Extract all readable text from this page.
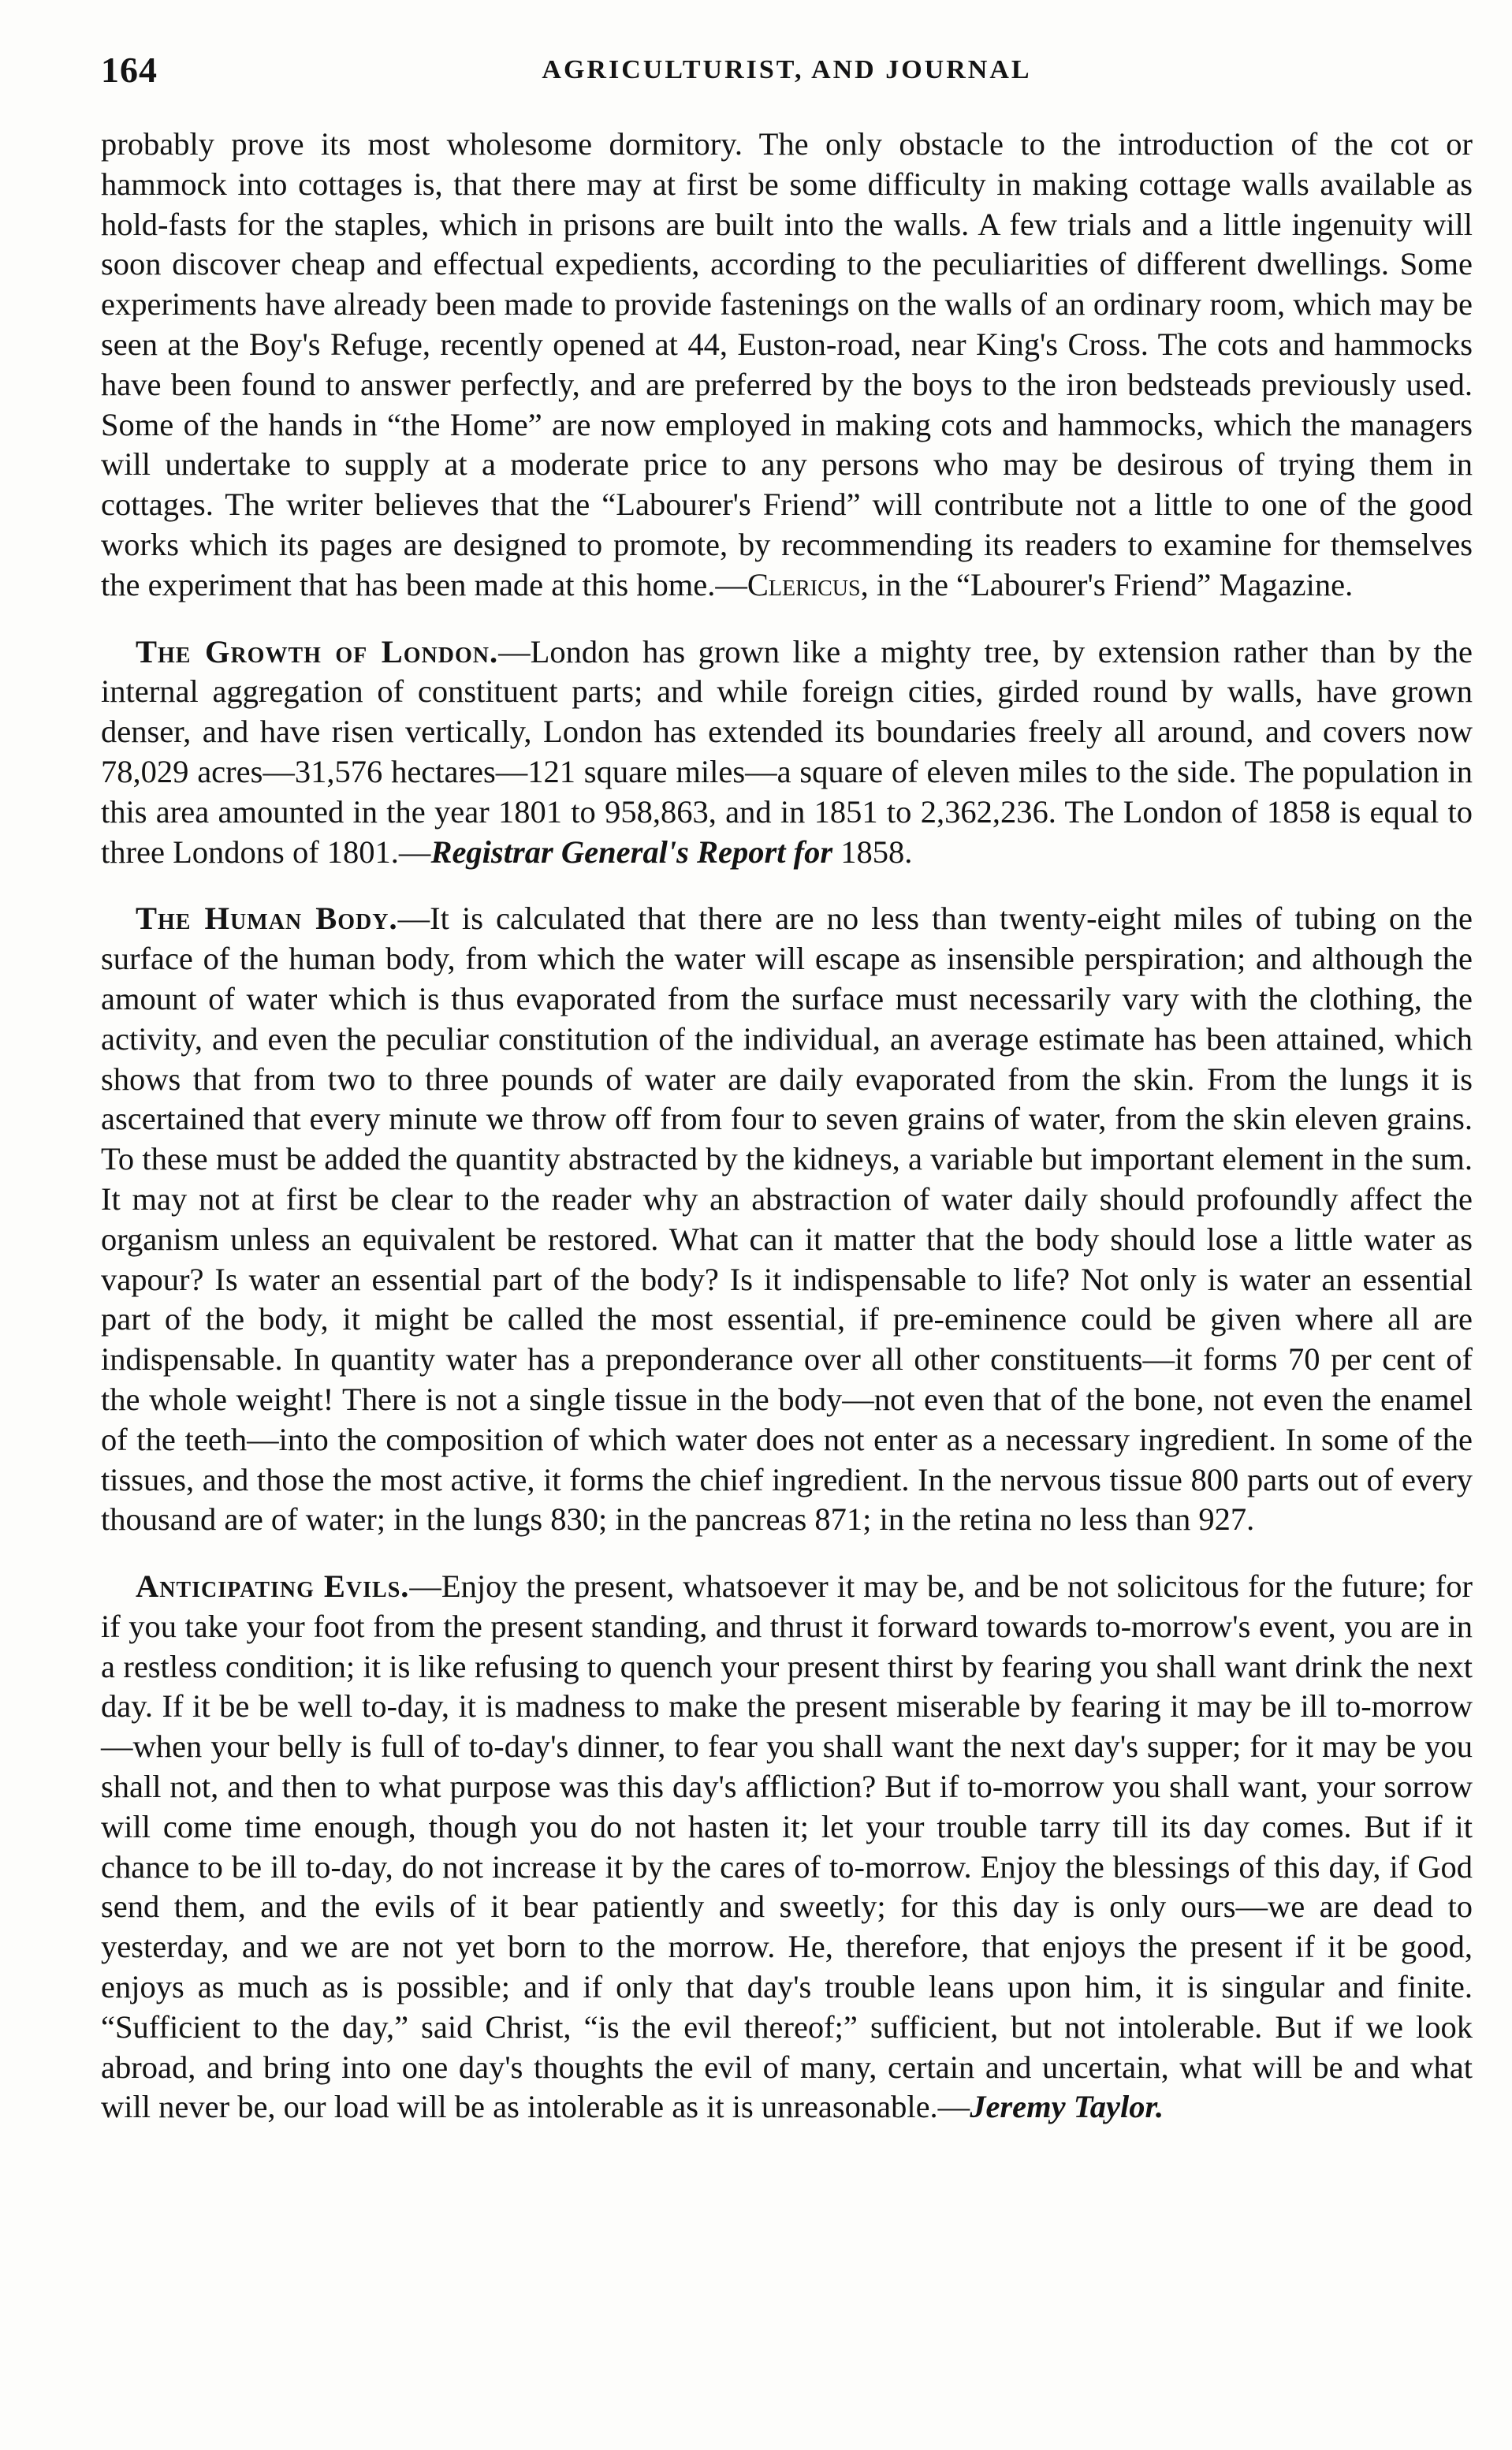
164	AGRICULTURIST, AND JOURNAL

probably prove its most wholesome dormitory. The only obstacle to the introduction of the cot or hammock into cottages is, that there may at first be some difficulty in making cottage walls available as hold-fasts for the staples, which in prisons are built into the walls. A few trials and a little ingenuity will soon discover cheap and effectual expedients, according to the peculiarities of different dwellings. Some experiments have already been made to provide fastenings on the walls of an ordinary room, which may be seen at the Boy's Refuge, recently opened at 44, Euston-road, near King's Cross. The cots and hammocks have been found to answer perfectly, and are preferred by the boys to the iron bedsteads previously used. Some of the hands in “the Home” are now employed in making cots and hammocks, which the managers will undertake to supply at a moderate price to any persons who may be desirous of trying them in cottages. The writer believes that the “Labourer's Friend” will contribute not a little to one of the good works which its pages are designed to promote, by recommending its readers to examine for themselves the experiment that has been made at this home.—Clericus, in the “Labourer's Friend” Magazine.

The Growth of London.—London has grown like a mighty tree, by extension rather than by the internal aggregation of constituent parts; and while foreign cities, girded round by walls, have grown denser, and have risen vertically, London has extended its boundaries freely all around, and covers now 78,029 acres—31,576 hectares—121 square miles—a square of eleven miles to the side. The population in this area amounted in the year 1801 to 958,863, and in 1851 to 2,362,236. The London of 1858 is equal to three Londons of 1801.—Registrar General's Report for 1858.

The Human Body.—It is calculated that there are no less than twenty-eight miles of tubing on the surface of the human body, from which the water will escape as insensible perspiration; and although the amount of water which is thus evaporated from the surface must necessarily vary with the clothing, the activity, and even the peculiar constitution of the individual, an average estimate has been attained, which shows that from two to three pounds of water are daily evaporated from the skin. From the lungs it is ascertained that every minute we throw off from four to seven grains of water, from the skin eleven grains. To these must be added the quantity abstracted by the kidneys, a variable but important element in the sum. It may not at first be clear to the reader why an abstraction of water daily should profoundly affect the organism unless an equivalent be restored. What can it matter that the body should lose a little water as vapour? Is water an essential part of the body? Is it indispensable to life? Not only is water an essential part of the body, it might be called the most essential, if pre-eminence could be given where all are indispensable. In quantity water has a preponderance over all other constituents—it forms 70 per cent of the whole weight! There is not a single tissue in the body—not even that of the bone, not even the enamel of the teeth—into the composition of which water does not enter as a necessary ingredient. In some of the tissues, and those the most active, it forms the chief ingredient. In the nervous tissue 800 parts out of every thousand are of water; in the lungs 830; in the pancreas 871; in the retina no less than 927.

Anticipating Evils.—Enjoy the present, whatsoever it may be, and be not solicitous for the future; for if you take your foot from the present standing, and thrust it forward towards to-morrow's event, you are in a restless condition; it is like refusing to quench your present thirst by fearing you shall want drink the next day. If it be be well to-day, it is madness to make the present miserable by fearing it may be ill to-morrow—when your belly is full of to-day's dinner, to fear you shall want the next day's supper; for it may be you shall not, and then to what purpose was this day's affliction? But if to-morrow you shall want, your sorrow will come time enough, though you do not hasten it; let your trouble tarry till its day comes. But if it chance to be ill to-day, do not increase it by the cares of to-morrow. Enjoy the blessings of this day, if God send them, and the evils of it bear patiently and sweetly; for this day is only ours—we are dead to yesterday, and we are not yet born to the morrow. He, therefore, that enjoys the present if it be good, enjoys as much as is possible; and if only that day's trouble leans upon him, it is singular and finite. “Sufficient to the day,” said Christ, “is the evil thereof;” sufficient, but not intolerable. But if we look abroad, and bring into one day's thoughts the evil of many, certain and uncertain, what will be and what will never be, our load will be as intolerable as it is unreasonable.—Jeremy Taylor.
